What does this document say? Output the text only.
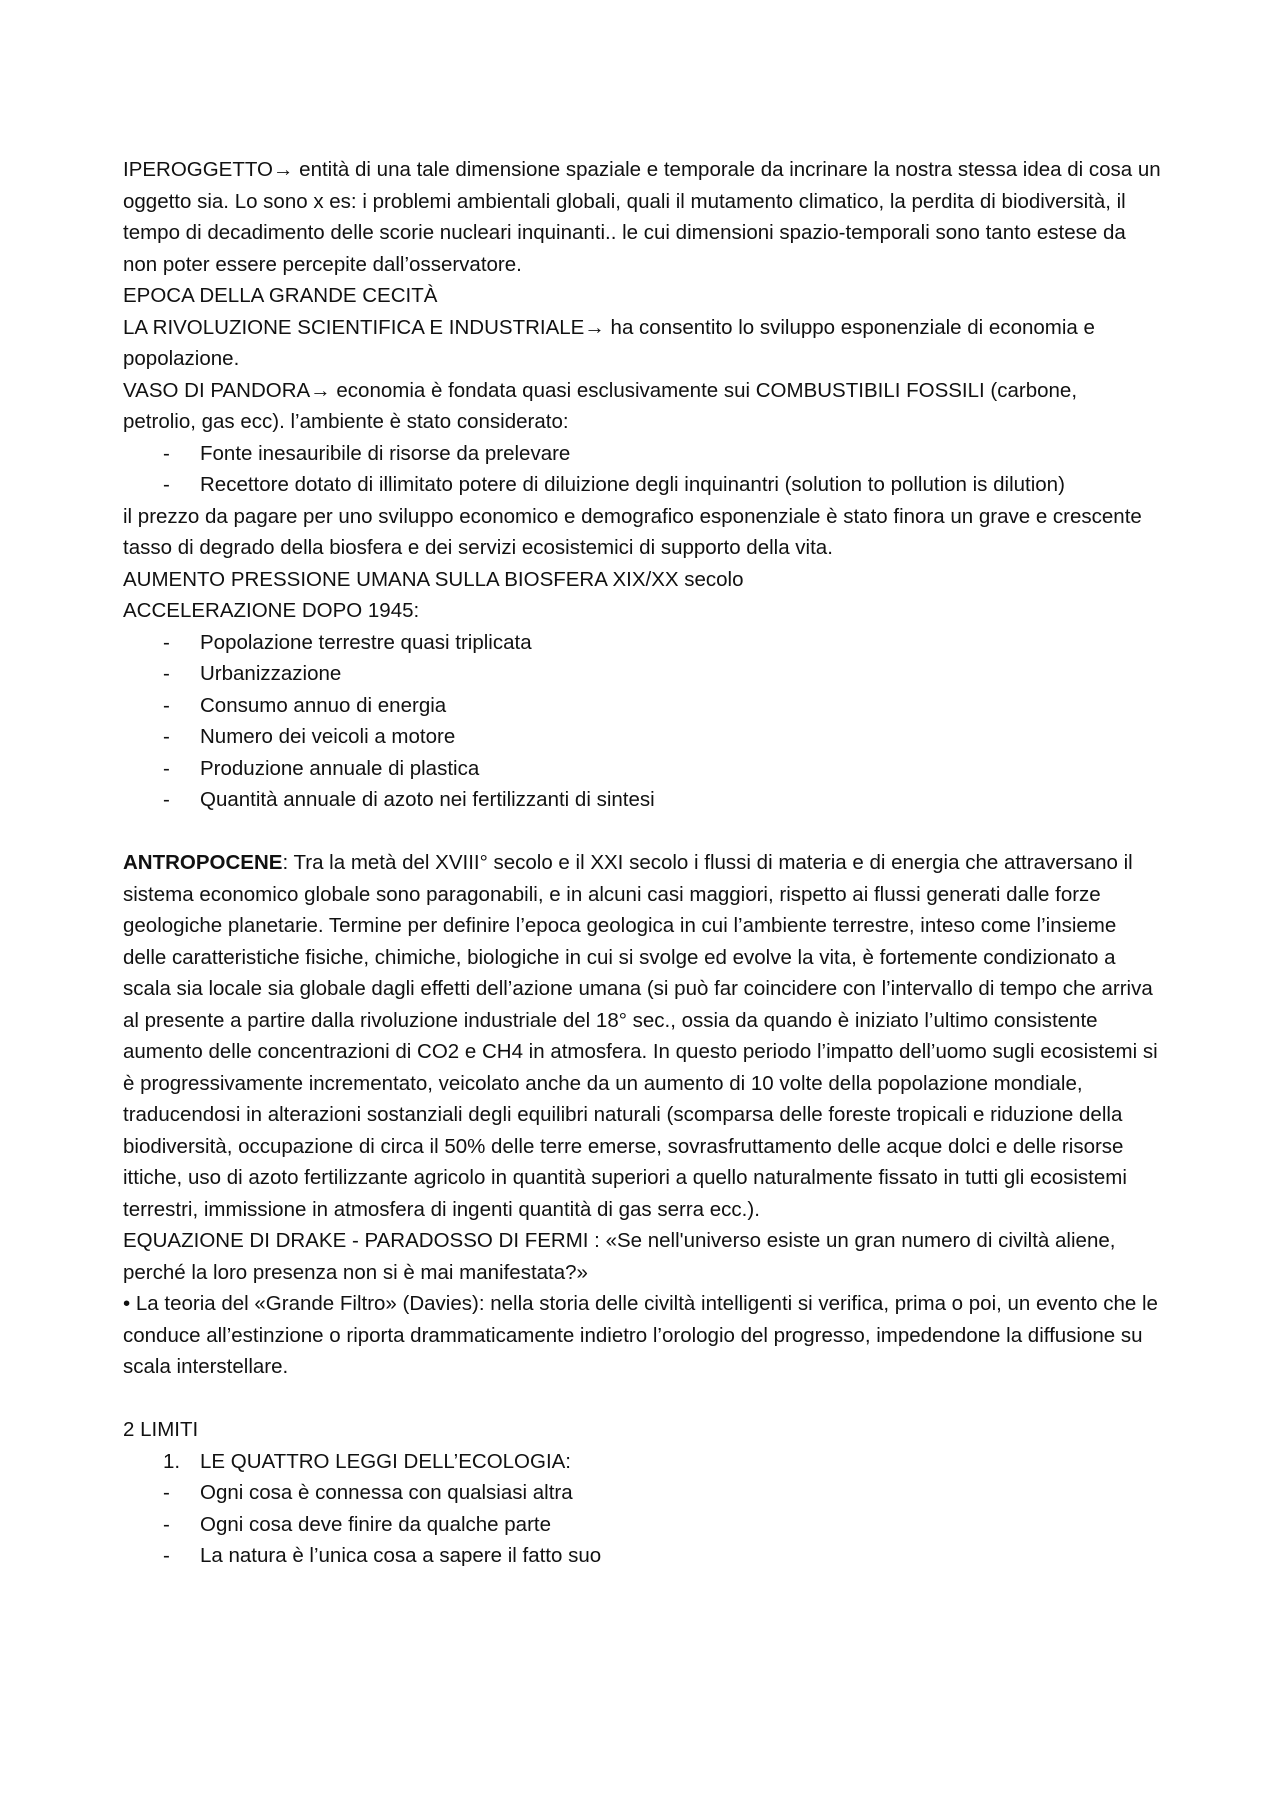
IPEROGGETTO→ entità di una tale dimensione spaziale e temporale da incrinare la nostra stessa idea di cosa un oggetto sia. Lo sono x es: i problemi ambientali globali, quali il mutamento climatico, la perdita di biodiversità, il tempo di decadimento delle scorie nucleari inquinanti.. le cui dimensioni spazio-temporali sono tanto estese da non poter essere percepite dall’osservatore.

EPOCA DELLA GRANDE CECITÀ

LA RIVOLUZIONE SCIENTIFICA E INDUSTRIALE→ ha consentito lo sviluppo esponenziale di economia e popolazione.

VASO DI PANDORA→ economia è fondata quasi esclusivamente sui COMBUSTIBILI FOSSILI (carbone, petrolio, gas ecc). l’ambiente è stato considerato:

- Fonte inesauribile di risorse da prelevare
- Recettore dotato di illimitato potere di diluizione degli inquinantri (solution to pollution is dilution)

il prezzo da pagare per uno sviluppo economico e demografico esponenziale è stato finora un grave e crescente tasso di degrado della biosfera e dei servizi ecosistemici di supporto della vita.

AUMENTO PRESSIONE UMANA SULLA BIOSFERA XIX/XX secolo

ACCELERAZIONE DOPO 1945:

- Popolazione terrestre quasi triplicata
- Urbanizzazione
- Consumo annuo di energia
- Numero dei veicoli a motore
- Produzione annuale di plastica
- Quantità annuale di azoto nei fertilizzanti di sintesi

ANTROPOCENE: Tra la metà del XVIII° secolo e il XXI secolo i flussi di materia e di energia che attraversano il sistema economico globale sono paragonabili, e in alcuni casi maggiori, rispetto ai flussi generati dalle forze geologiche planetarie. Termine per definire l’epoca geologica in cui l’ambiente terrestre, inteso come l’insieme delle caratteristiche fisiche, chimiche, biologiche in cui si svolge ed evolve la vita, è fortemente condizionato a scala sia locale sia globale dagli effetti dell’azione umana (si può far coincidere con l’intervallo di tempo che arriva al presente a partire dalla rivoluzione industriale del 18° sec., ossia da quando è iniziato l’ultimo consistente aumento delle concentrazioni di CO2 e CH4 in atmosfera. In questo periodo l’impatto dell’uomo sugli ecosistemi si è progressivamente incrementato, veicolato anche da un aumento di 10 volte della popolazione mondiale, traducendosi in alterazioni sostanziali degli equilibri naturali (scomparsa delle foreste tropicali e riduzione della biodiversità, occupazione di circa il 50% delle terre emerse, sovrasfruttamento delle acque dolci e delle risorse ittiche, uso di azoto fertilizzante agricolo in quantità superiori a quello naturalmente fissato in tutti gli ecosistemi terrestri, immissione in atmosfera di ingenti quantità di gas serra ecc.).

EQUAZIONE DI DRAKE - PARADOSSO DI FERMI : «Se nell'universo esiste un gran numero di civiltà aliene, perché la loro presenza non si è mai manifestata?»

• La teoria del «Grande Filtro» (Davies): nella storia delle civiltà intelligenti si verifica, prima o poi, un evento che le conduce all’estinzione o riporta drammaticamente indietro l’orologio del progresso, impedendone la diffusione su scala interstellare.

2 LIMITI

1. LE QUATTRO LEGGI DELL’ECOLOGIA:
- Ogni cosa è connessa con qualsiasi altra
- Ogni cosa deve finire da qualche parte
- La natura è l’unica cosa a sapere il fatto suo
